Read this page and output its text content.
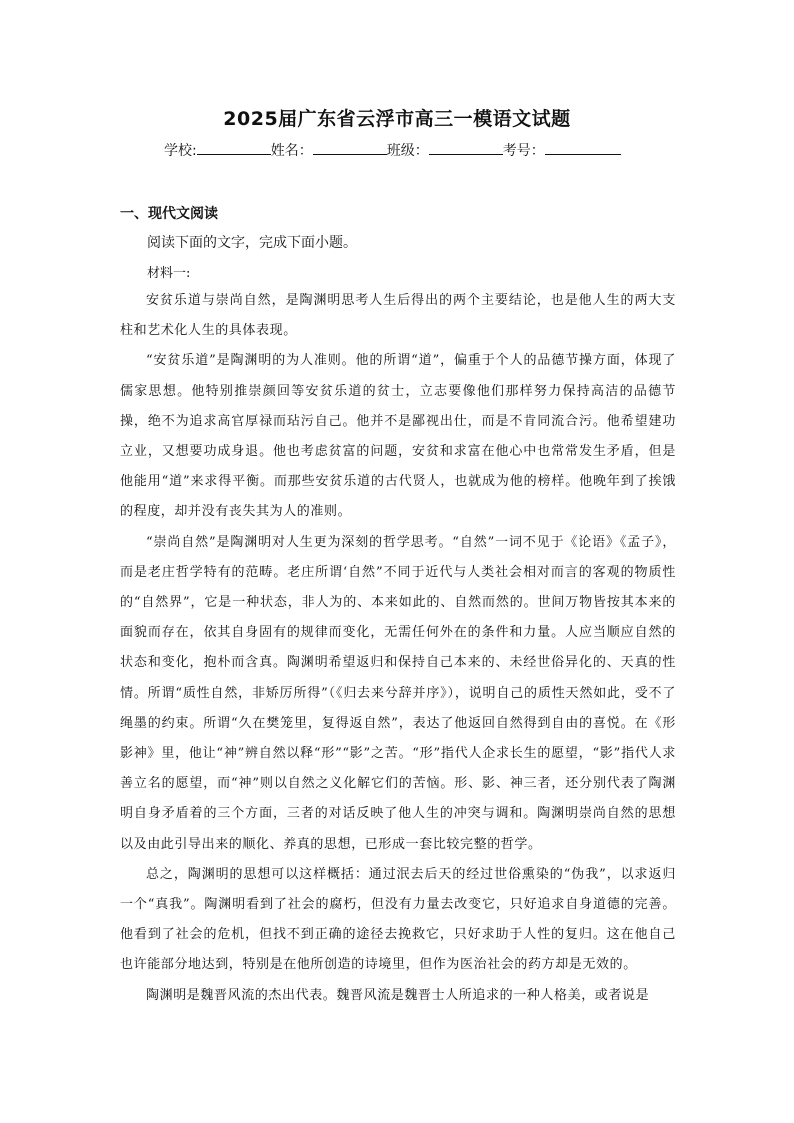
2025届广东省云浮市高三一模语文试题
学校:	姓名：	班级：	考号：
一、现代文阅读
阅读下面的文字，完成下面小题。
材料一:

安贫乐道与崇尚自然，是陶渊明思考人生后得出的两个主要结论，也是他人生的两大支柱和艺术化人生的具体表现。

“安贫乐道”是陶渊明的为人准则。他的所谓“道”，偏重于个人的品德节操方面，体现了儒家思想。他特别推崇颜回等安贫乐道的贫士，立志要像他们那样努力保持高洁的品德节操，绝不为追求高官厚禄而玷污自己。他并不是鄙视出仕，而是不肯同流合污。他希望建功立业，又想要功成身退。他也考虑贫富的问题，安贫和求富在他心中也常常发生矛盾，但是他能用“道”来求得平衡。而那些安贫乐道的古代贤人，也就成为他的榜样。他晚年到了挨饿的程度，却并没有丧失其为人的准则。

“崇尚自然”是陶渊明对人生更为深刻的哲学思考。“自然”一词不见于《论语》《孟子》，而是老庄哲学特有的范畴。老庄所谓‘自然”不同于近代与人类社会相对而言的客观的物质性的“自然界”，它是一种状态，非人为的、本来如此的、自然而然的。世间万物皆按其本来的面貌而存在，依其自身固有的规律而变化，无需任何外在的条件和力量。人应当顺应自然的状态和变化，抱朴而含真。陶渊明希望返归和保持自己本来的、未经世俗异化的、天真的性情。所谓“质性自然，非矫厉所得”（《归去来兮辞并序》），说明自己的质性天然如此，受不了绳墨的约束。所谓“久在樊笼里，复得返自然”，表达了他返回自然得到自由的喜悦。在《形影神》里，他让“神”辨自然以释“形”“影”之苦。“形”指代人企求长生的愿望，“影”指代人求善立名的愿望，而“神”则以自然之义化解它们的苦恼。形、影、神三者，还分别代表了陶渊明自身矛盾着的三个方面，三者的对话反映了他人生的冲突与调和。陶渊明崇尚自然的思想以及由此引导出来的顺化、养真的思想，已形成一套比较完整的哲学。

总之，陶渊明的思想可以这样概括：通过泯去后天的经过世俗熏染的“伪我”，以求返归一个“真我”。陶渊明看到了社会的腐朽，但没有力量去改变它，只好追求自身道德的完善。他看到了社会的危机，但找不到正确的途径去挽救它，只好求助于人性的复归。这在他自己也许能部分地达到，特别是在他所创造的诗境里，但作为医治社会的药方却是无效的。

陶渊明是魏晋风流的杰出代表。魏晋风流是魏晋士人所追求的一种人格美，或者说是
